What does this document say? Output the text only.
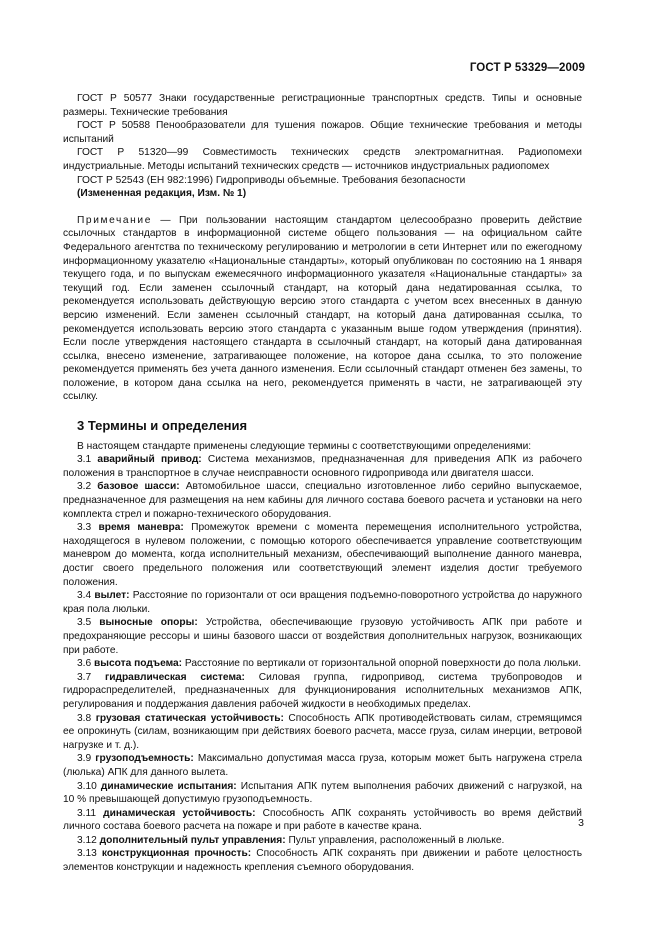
ГОСТ Р 53329—2009

ГОСТ Р 50577 Знаки государственные регистрационные транспортных средств. Типы и основные размеры. Технические требования

ГОСТ Р 50588 Пенообразователи для тушения пожаров. Общие технические требования и методы испытаний

ГОСТ Р 51320—99 Совместимость технических средств электромагнитная. Радиопомехи индустриальные. Методы испытаний технических средств — источников индустриальных радиопомех

ГОСТ Р 52543 (ЕН 982:1996) Гидроприводы объемные. Требования безопасности

(Измененная редакция, Изм. № 1)

Примечание — При пользовании настоящим стандартом целесообразно проверить действие ссылочных стандартов в информационной системе общего пользования — на официальном сайте Федерального агентства по техническому регулированию и метрологии в сети Интернет или по ежегодному информационному указателю «Национальные стандарты», который опубликован по состоянию на 1 января текущего года, и по выпускам ежемесячного информационного указателя «Национальные стандарты» за текущий год. Если заменен ссылочный стандарт, на который дана недатированная ссылка, то рекомендуется использовать действующую версию этого стандарта с учетом всех внесенных в данную версию изменений. Если заменен ссылочный стандарт, на который дана датированная ссылка, то рекомендуется использовать версию этого стандарта с указанным выше годом утверждения (принятия). Если после утверждения настоящего стандарта в ссылочный стандарт, на который дана датированная ссылка, внесено изменение, затрагивающее положение, на которое дана ссылка, то это положение рекомендуется применять без учета данного изменения. Если ссылочный стандарт отменен без замены, то положение, в котором дана ссылка на него, рекомендуется применять в части, не затрагивающей эту ссылку.

3 Термины и определения

В настоящем стандарте применены следующие термины с соответствующими определениями:

3.1 аварийный привод: Система механизмов, предназначенная для приведения АПК из рабочего положения в транспортное в случае неисправности основного гидропривода или двигателя шасси.

3.2 базовое шасси: Автомобильное шасси, специально изготовленное либо серийно выпускаемое, предназначенное для размещения на нем кабины для личного состава боевого расчета и установки на него комплекта стрел и пожарно-технического оборудования.

3.3 время маневра: Промежуток времени с момента перемещения исполнительного устройства, находящегося в нулевом положении, с помощью которого обеспечивается управление соответствующим маневром до момента, когда исполнительный механизм, обеспечивающий выполнение данного маневра, достиг своего предельного положения или соответствующий элемент изделия достиг требуемого положения.

3.4 вылет: Расстояние по горизонтали от оси вращения подъемно-поворотного устройства до наружного края пола люльки.

3.5 выносные опоры: Устройства, обеспечивающие грузовую устойчивость АПК при работе и предохраняющие рессоры и шины базового шасси от воздействия дополнительных нагрузок, возникающих при работе.

3.6 высота подъема: Расстояние по вертикали от горизонтальной опорной поверхности до пола люльки.

3.7 гидравлическая система: Силовая группа, гидропривод, система трубопроводов и гидрораспределителей, предназначенных для функционирования исполнительных механизмов АПК, регулирования и поддержания давления рабочей жидкости в необходимых пределах.

3.8 грузовая статическая устойчивость: Способность АПК противодействовать силам, стремящимся ее опрокинуть (силам, возникающим при действиях боевого расчета, массе груза, силам инерции, ветровой нагрузке и т. д.).

3.9 грузоподъемность: Максимально допустимая масса груза, которым может быть нагружена стрела (люлька) АПК для данного вылета.

3.10 динамические испытания: Испытания АПК путем выполнения рабочих движений с нагрузкой, на 10 % превышающей допустимую грузоподъемность.

3.11 динамическая устойчивость: Способность АПК сохранять устойчивость во время действий личного состава боевого расчета на пожаре и при работе в качестве крана.

3.12 дополнительный пульт управления: Пульт управления, расположенный в люльке.

3.13 конструкционная прочность: Способность АПК сохранять при движении и работе целостность элементов конструкции и надежность крепления съемного оборудования.

3
